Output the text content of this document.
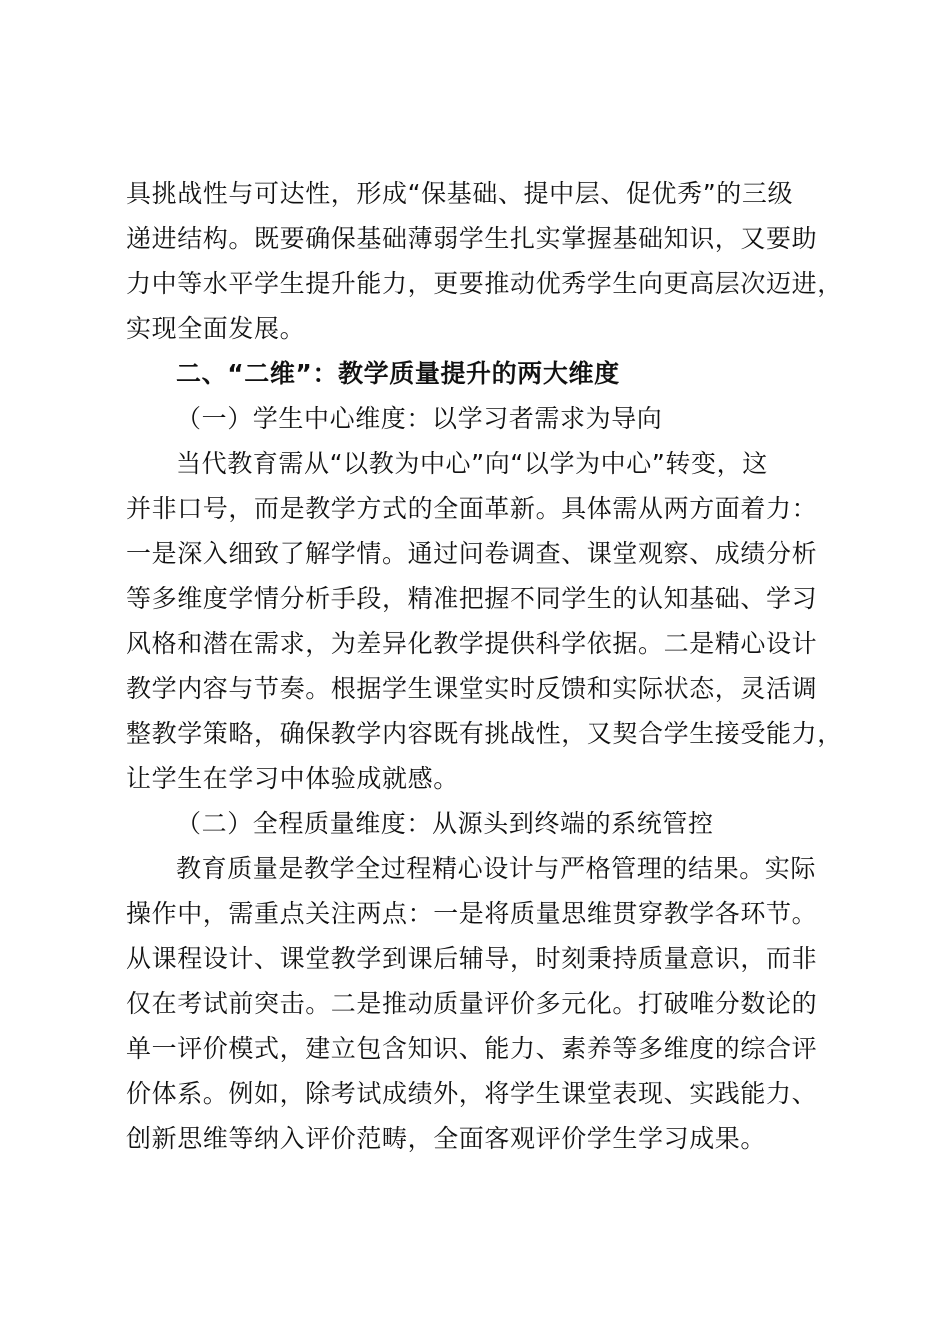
具挑战性与可达性，形成“保基础、提中层、促优秀”的三级
递进结构。既要确保基础薄弱学生扎实掌握基础知识，又要助
力中等水平学生提升能力，更要推动优秀学生向更高层次迈进，
实现全面发展。
二、“二维”：教学质量提升的两大维度
（一）学生中心维度：以学习者需求为导向
当代教育需从“以教为中心”向“以学为中心”转变，这
并非口号，而是教学方式的全面革新。具体需从两方面着力：
一是深入细致了解学情。通过问卷调查、课堂观察、成绩分析
等多维度学情分析手段，精准把握不同学生的认知基础、学习
风格和潜在需求，为差异化教学提供科学依据。二是精心设计
教学内容与节奏。根据学生课堂实时反馈和实际状态，灵活调
整教学策略，确保教学内容既有挑战性，又契合学生接受能力，
让学生在学习中体验成就感。
（二）全程质量维度：从源头到终端的系统管控
教育质量是教学全过程精心设计与严格管理的结果。实际
操作中，需重点关注两点：一是将质量思维贯穿教学各环节。
从课程设计、课堂教学到课后辅导，时刻秉持质量意识，而非
仅在考试前突击。二是推动质量评价多元化。打破唯分数论的
单一评价模式，建立包含知识、能力、素养等多维度的综合评
价体系。例如，除考试成绩外，将学生课堂表现、实践能力、
创新思维等纳入评价范畴，全面客观评价学生学习成果。
